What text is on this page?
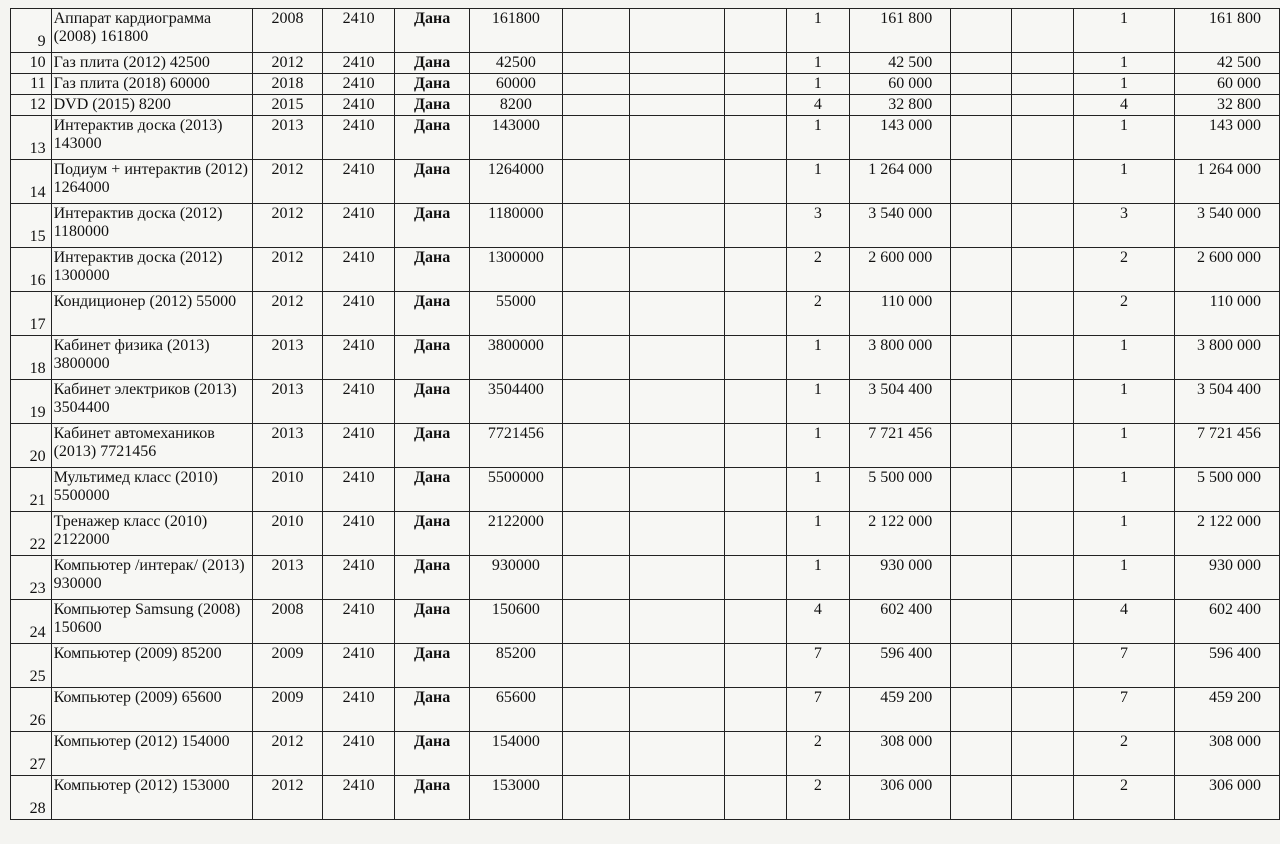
9	Аппарат кардиограмма (2008) 161800	2008	2410	Дана	161800				1	161 800			1	161 800
10	Газ плита (2012) 42500	2012	2410	Дана	42500				1	42 500			1	42 500
11	Газ плита (2018) 60000	2018	2410	Дана	60000				1	60 000			1	60 000
12	DVD (2015) 8200	2015	2410	Дана	8200				4	32 800			4	32 800
13	Интерактив доска (2013) 143000	2013	2410	Дана	143000				1	143 000			1	143 000
14	Подиум + интерактив (2012) 1264000	2012	2410	Дана	1264000				1	1 264 000			1	1 264 000
15	Интерактив доска (2012) 1180000	2012	2410	Дана	1180000				3	3 540 000			3	3 540 000
16	Интерактив доска (2012) 1300000	2012	2410	Дана	1300000				2	2 600 000			2	2 600 000
17	Кондиционер (2012) 55000	2012	2410	Дана	55000				2	110 000			2	110 000
18	Кабинет физика (2013) 3800000	2013	2410	Дана	3800000				1	3 800 000			1	3 800 000
19	Кабинет электриков (2013) 3504400	2013	2410	Дана	3504400				1	3 504 400			1	3 504 400
20	Кабинет автомехаников (2013) 7721456	2013	2410	Дана	7721456				1	7 721 456			1	7 721 456
21	Мультимед класс (2010) 5500000	2010	2410	Дана	5500000				1	5 500 000			1	5 500 000
22	Тренажер класс (2010) 2122000	2010	2410	Дана	2122000				1	2 122 000			1	2 122 000
23	Компьютер /интерак/ (2013) 930000	2013	2410	Дана	930000				1	930 000			1	930 000
24	Компьютер Samsung (2008) 150600	2008	2410	Дана	150600				4	602 400			4	602 400
25	Компьютер (2009) 85200	2009	2410	Дана	85200				7	596 400			7	596 400
26	Компьютер (2009) 65600	2009	2410	Дана	65600				7	459 200			7	459 200
27	Компьютер (2012) 154000	2012	2410	Дана	154000				2	308 000			2	308 000
28	Компьютер (2012) 153000	2012	2410	Дана	153000				2	306 000			2	306 000
